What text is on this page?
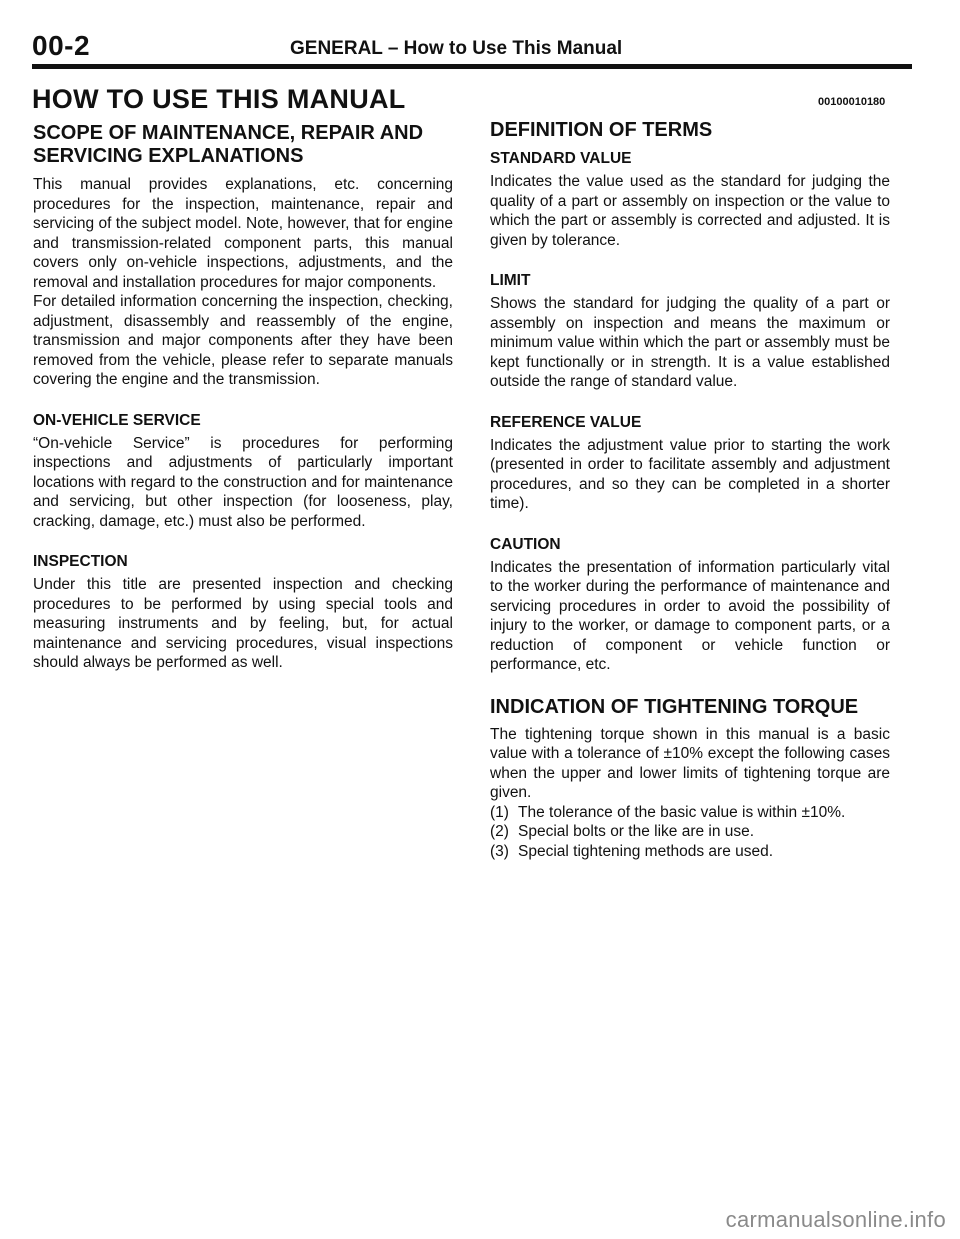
00-2	GENERAL – How to Use This Manual
HOW TO USE THIS MANUAL	00100010180
SCOPE OF MAINTENANCE, REPAIR AND SERVICING EXPLANATIONS

This manual provides explanations, etc. concerning procedures for the inspection, maintenance, repair and servicing of the subject model. Note, however, that for engine and transmission-related component parts, this manual covers only on-vehicle inspections, adjustments, and the removal and installation procedures for major components.

For detailed information concerning the inspection, checking, adjustment, disassembly and reassembly of the engine, transmission and major components after they have been removed from the vehicle, please refer to separate manuals covering the engine and the transmission.

ON-VEHICLE SERVICE

“On-vehicle Service” is procedures for performing inspections and adjustments of particularly important locations with regard to the construction and for maintenance and servicing, but other inspection (for looseness, play, cracking, damage, etc.) must also be performed.

INSPECTION

Under this title are presented inspection and checking procedures to be performed by using special tools and measuring instruments and by feeling, but, for actual maintenance and servicing procedures, visual inspections should always be performed as well.

DEFINITION OF TERMS
STANDARD VALUE

Indicates the value used as the standard for judging the quality of a part or assembly on inspection or the value to which the part or assembly is corrected and adjusted. It is given by tolerance.

LIMIT

Shows the standard for judging the quality of a part or assembly on inspection and means the maximum or minimum value within which the part or assembly must be kept functionally or in strength. It is a value established outside the range of standard value.

REFERENCE VALUE

Indicates the adjustment value prior to starting the work (presented in order to facilitate assembly and adjustment procedures, and so they can be completed in a shorter time).

CAUTION

Indicates the presentation of information particularly vital to the worker during the performance of maintenance and servicing procedures in order to avoid the possibility of injury to the worker, or damage to component parts, or a reduction of component or vehicle function or performance, etc.

INDICATION OF TIGHTENING TORQUE

The tightening torque shown in this manual is a basic value with a tolerance of ±10% except the following cases when the upper and lower limits of tightening torque are given.

(1) The tolerance of the basic value is within ±10%.
(2) Special bolts or the like are in use.
(3) Special tightening methods are used.
carmanualsonline.info
